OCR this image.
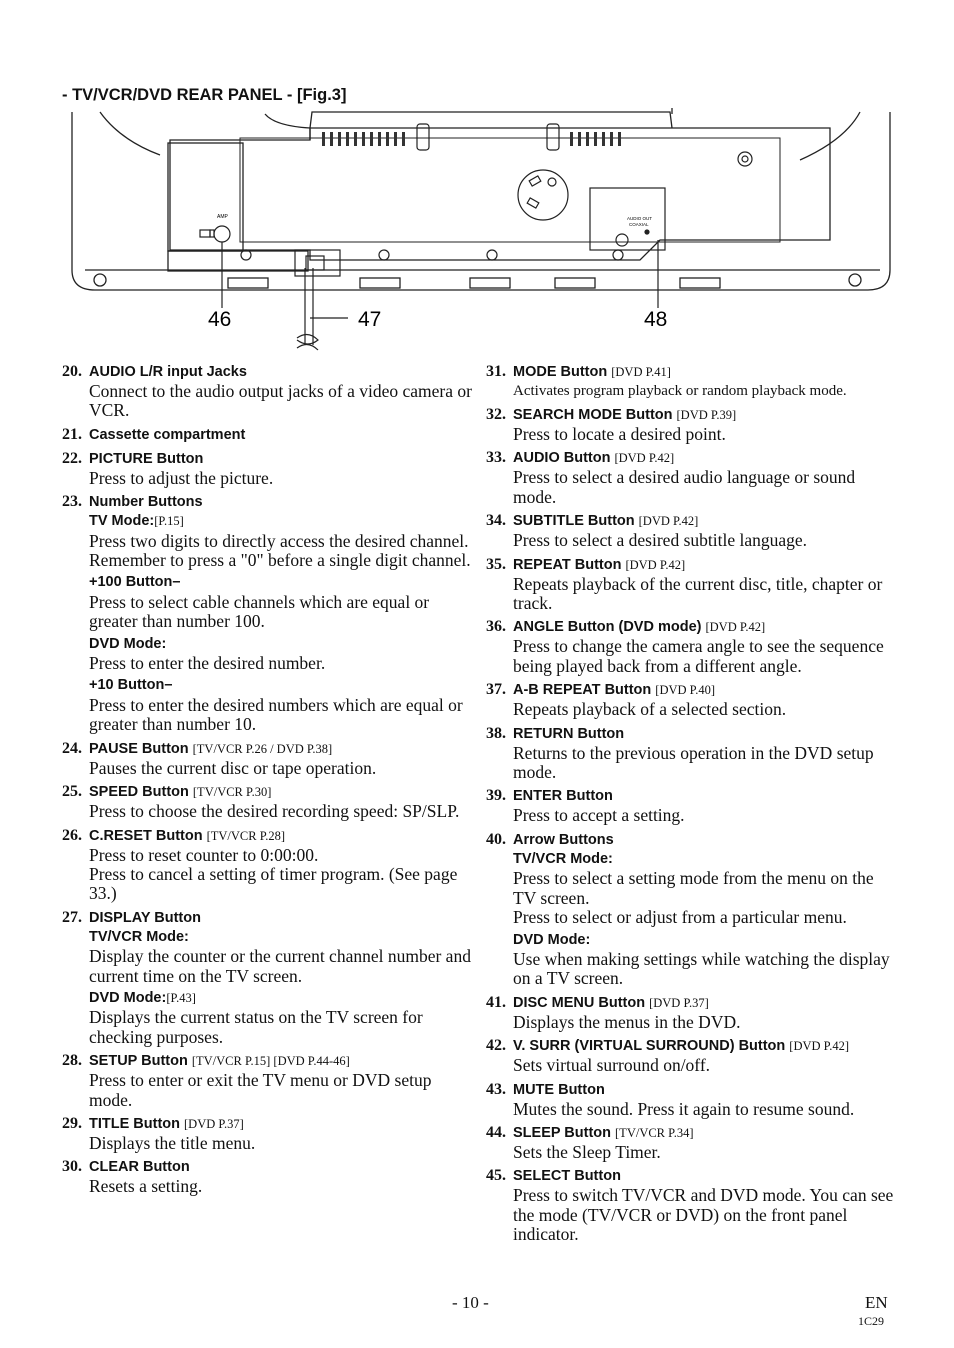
- TV/VCR/DVD REAR PANEL - [Fig.3]
AMP	AUDIO OUT
COAXIAL
46	47	48
20. AUDIO L/R input Jacks
Connect to the audio output jacks of a video camera or VCR.
21. Cassette compartment
22. PICTURE Button
Press to adjust the picture.
23. Number Buttons
TV Mode:[P.15]
Press two digits to directly access the desired channel.
Remember to press a "0" before a single digit channel.
+100 Button–
Press to select cable channels which are equal or greater than number 100.
DVD Mode:
Press to enter the desired number.
+10 Button–
Press to enter the desired numbers which are equal or greater than number 10.
24. PAUSE Button [TV/VCR P.26 / DVD P.38]
Pauses the current disc or tape operation.
25. SPEED Button [TV/VCR P.30]
Press to choose the desired recording speed: SP/SLP.
26. C.RESET Button [TV/VCR P.28]
Press to reset counter to 0:00:00.
Press to cancel a setting of timer program. (See page 33.)
27. DISPLAY Button
TV/VCR Mode:
Display the counter or the current channel number and current time on the TV screen.
DVD Mode:[P.43]
Displays the current status on the TV screen for checking purposes.
28. SETUP Button [TV/VCR P.15] [DVD P.44-46]
Press to enter or exit the TV menu or DVD setup mode.
29. TITLE Button [DVD P.37]
Displays the title menu.
30. CLEAR Button
Resets a setting.
31. MODE Button [DVD P.41]
Activates program playback or random playback mode.
32. SEARCH MODE Button [DVD P.39]
Press to locate a desired point.
33. AUDIO Button [DVD P.42]
Press to select a desired audio language or sound mode.
34. SUBTITLE Button [DVD P.42]
Press to select a desired subtitle language.
35. REPEAT Button [DVD P.42]
Repeats playback of the current disc, title, chapter or track.
36. ANGLE Button (DVD mode) [DVD P.42]
Press to change the camera angle to see the sequence being played back from a different angle.
37. A-B REPEAT Button [DVD P.40]
Repeats playback of a selected section.
38. RETURN Button
Returns to the previous operation in the DVD setup mode.
39. ENTER Button
Press to accept a setting.
40. Arrow Buttons
TV/VCR Mode:
Press to select a setting mode from the menu on the TV screen.
Press to select or adjust from a particular menu.
DVD Mode:
Use when making settings while watching the display on a TV screen.
41. DISC MENU Button [DVD P.37]
Displays the menus in the DVD.
42. V. SURR (VIRTUAL SURROUND) Button [DVD P.42]
Sets virtual surround on/off.
43. MUTE Button
Mutes the sound. Press it again to resume sound.
44. SLEEP Button [TV/VCR P.34]
Sets the Sleep Timer.
45. SELECT Button
Press to switch TV/VCR and DVD mode. You can see the mode (TV/VCR or DVD) on the front panel indicator.
- 10 -	EN
1C29
